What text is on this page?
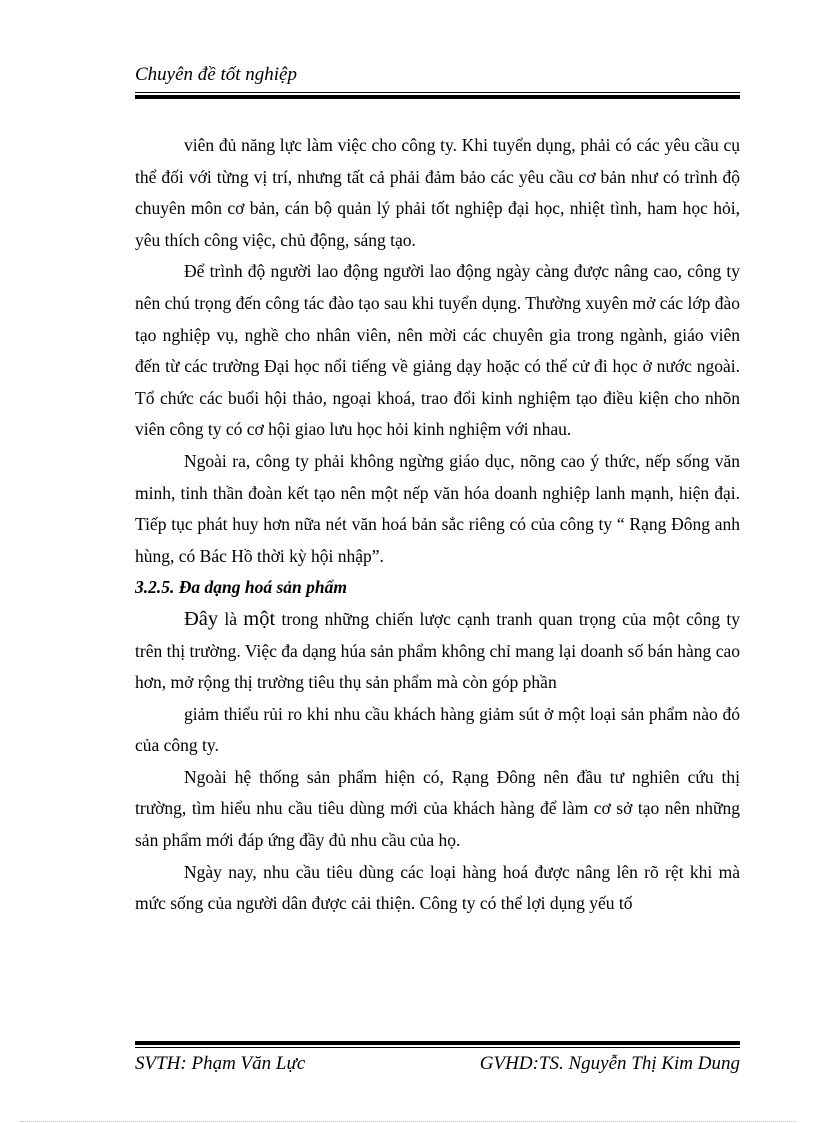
Chuyên đề tốt nghiệp

viên đủ năng lực làm việc cho công ty. Khi tuyển dụng, phải có các yêu cầu cụ thể đối với từng vị trí, nhưng tất cả phải đảm bảo các yêu cầu cơ bản như có trình độ chuyên môn cơ bản, cán bộ quản lý phải tốt nghiệp đại học, nhiệt tình, ham học hỏi, yêu thích công việc, chủ động, sáng tạo.

Để trình độ người lao động người lao động ngày càng được nâng cao, công ty nên chú trọng đến công tác đào tạo sau khi tuyển dụng. Thường xuyên mở các lớp đào tạo nghiệp vụ, nghề cho nhân viên, nên mời các chuyên gia trong ngành, giáo viên đến từ các trường Đại học nổi tiếng về giảng dạy hoặc có thể cử đi học ở nước ngoài. Tổ chức các buổi hội thảo, ngoại khoá, trao đổi kinh nghiệm tạo điều kiện cho nhõn viên công ty có cơ hội giao lưu học hỏi kinh nghiệm với nhau.

Ngoài ra, công ty phải không ngừng giáo dục, nõng cao ý thức, nếp sống văn minh, tinh thần đoàn kết tạo nên một nếp văn hóa doanh nghiệp lanh mạnh, hiện đại. Tiếp tục phát huy hơn nữa nét văn hoá bản sắc riêng có của công ty “ Rạng Đông anh hùng, có Bác Hồ thời kỳ hội nhập”.

3.2.5. Đa dạng hoá sản phẩm

Đây là một trong những chiến lược cạnh tranh quan trọng của một công ty trên thị trường. Việc đa dạng húa sản phẩm không chỉ mang lại doanh số bán hàng cao hơn, mở rộng thị trường tiêu thụ sản phẩm mà còn góp phần

giảm thiểu rủi ro khi nhu cầu khách hàng giảm sút ở một loại sản phẩm nào đó của công ty.

Ngoài hệ thống sản phẩm hiện có, Rạng Đông nên đầu tư nghiên cứu thị trường, tìm hiểu nhu cầu tiêu dùng mới của khách hàng để làm cơ sở tạo nên những sản phẩm mới đáp ứng đầy đủ nhu cầu của họ.

Ngày nay, nhu cầu tiêu dùng các loại hàng hoá được nâng lên rõ rệt khi mà mức sống của người dân được cải thiện. Công ty có thể lợi dụng yếu tố

SVTH: Phạm Văn Lực	GVHD:TS. Nguyễn Thị Kim Dung
